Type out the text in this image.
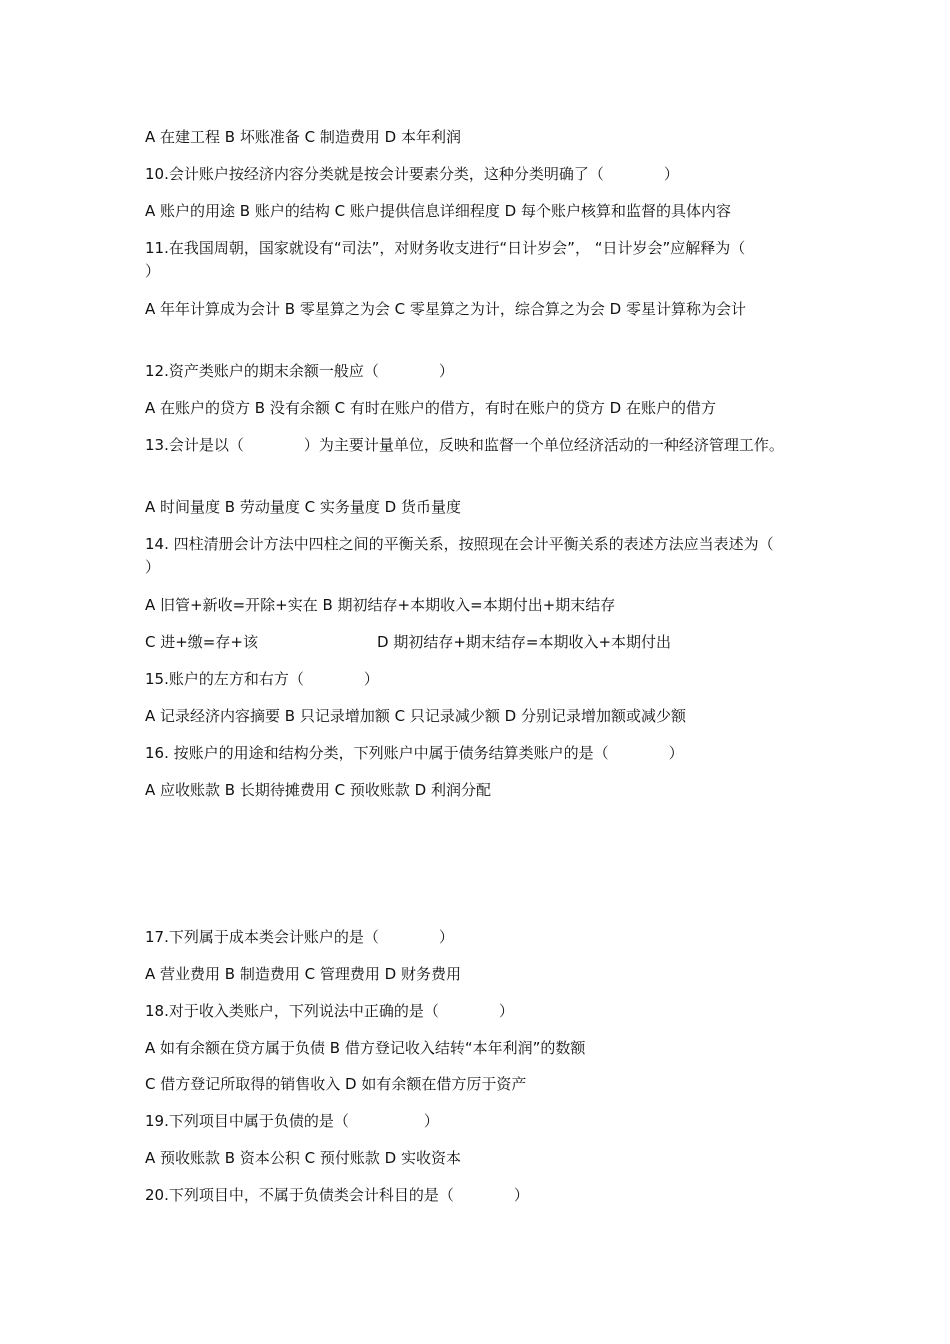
A 在建工程 B 坏账准备 C 制造费用 D 本年利润
10.会计账户按经济内容分类就是按会计要素分类，这种分类明确了（　　　　）
A 账户的用途 B 账户的结构 C 账户提供信息详细程度 D 每个账户核算和监督的具体内容
11.在我国周朝，国家就设有“司法”，对财务收支进行“日计岁会”， “日计岁会”应解释为（　　　　）
A 年年计算成为会计 B 零星算之为会 C 零星算之为计，综合算之为会 D 零星计算称为会计
12.资产类账户的期末余额一般应（　　　　）
A 在账户的贷方 B 没有余额 C 有时在账户的借方，有时在账户的贷方 D 在账户的借方
13.会计是以（　　　　）为主要计量单位，反映和监督一个单位经济活动的一种经济管理工作。
A 时间量度 B 劳动量度 C 实务量度 D 货币量度
14. 四柱清册会计方法中四柱之间的平衡关系，按照现在会计平衡关系的表述方法应当表述为（　　　　）
A 旧管+新收=开除+实在 B 期初结存+本期收入=本期付出+期末结存
C 进+缴=存+该	D 期初结存+期末结存=本期收入+本期付出
15.账户的左方和右方（　　　　）
A 记录经济内容摘要 B 只记录增加额 C 只记录减少额 D 分别记录增加额或减少额
16. 按账户的用途和结构分类，下列账户中属于债务结算类账户的是（　　　　）
A 应收账款 B 长期待摊费用 C 预收账款 D 利润分配
17.下列属于成本类会计账户的是（　　　　）
A 营业费用 B 制造费用 C 管理费用 D 财务费用
18.对于收入类账户，下列说法中正确的是（　　　　）
A 如有余额在贷方属于负债 B 借方登记收入结转“本年利润”的数额
C 借方登记所取得的销售收入 D 如有余额在借方厉于资产
19.下列项目中属于负债的是（　　　　　）
A 预收账款 B 资本公积 C 预付账款 D 实收资本
20.下列项目中，不属于负债类会计科目的是（　　　　）
